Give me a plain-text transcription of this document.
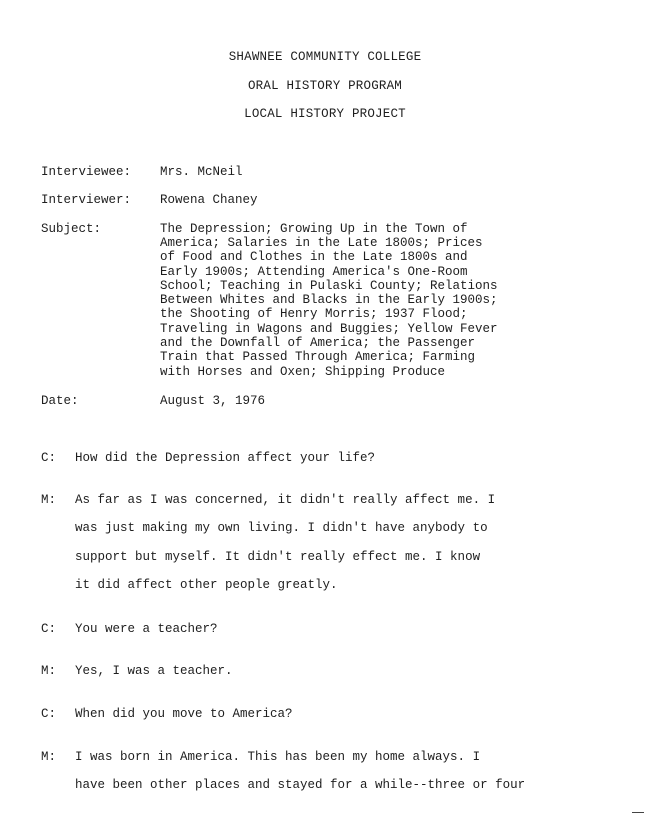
SHAWNEE COMMUNITY COLLEGE
ORAL HISTORY PROGRAM
LOCAL HISTORY PROJECT
Interviewee: Mrs. McNeil
Interviewer: Rowena Chaney
Subject:	The Depression; Growing Up in the Town of
America; Salaries in the Late 1800s; Prices
of Food and Clothes in the Late 1800s and
Early 1900s; Attending America's One-Room
School; Teaching in Pulaski County; Relations
Between Whites and Blacks in the Early 1900s;
the Shooting of Henry Morris; 1937 Flood;
Traveling in Wagons and Buggies; Yellow Fever
and the Downfall of America; the Passenger
Train that Passed Through America; Farming
with Horses and Oxen; Shipping Produce
Date:	August 3, 1976
C: How did the Depression affect your life?
M: As far as I was concerned, it didn't really affect me. I
was just making my own living. I didn't have anybody to
support but myself. It didn't really effect me. I know
it did affect other people greatly.
C: You were a teacher?
M: Yes, I was a teacher.
C: When did you move to America?
M: I was born in America. This has been my home always. I
have been other places and stayed for a while--three or four
